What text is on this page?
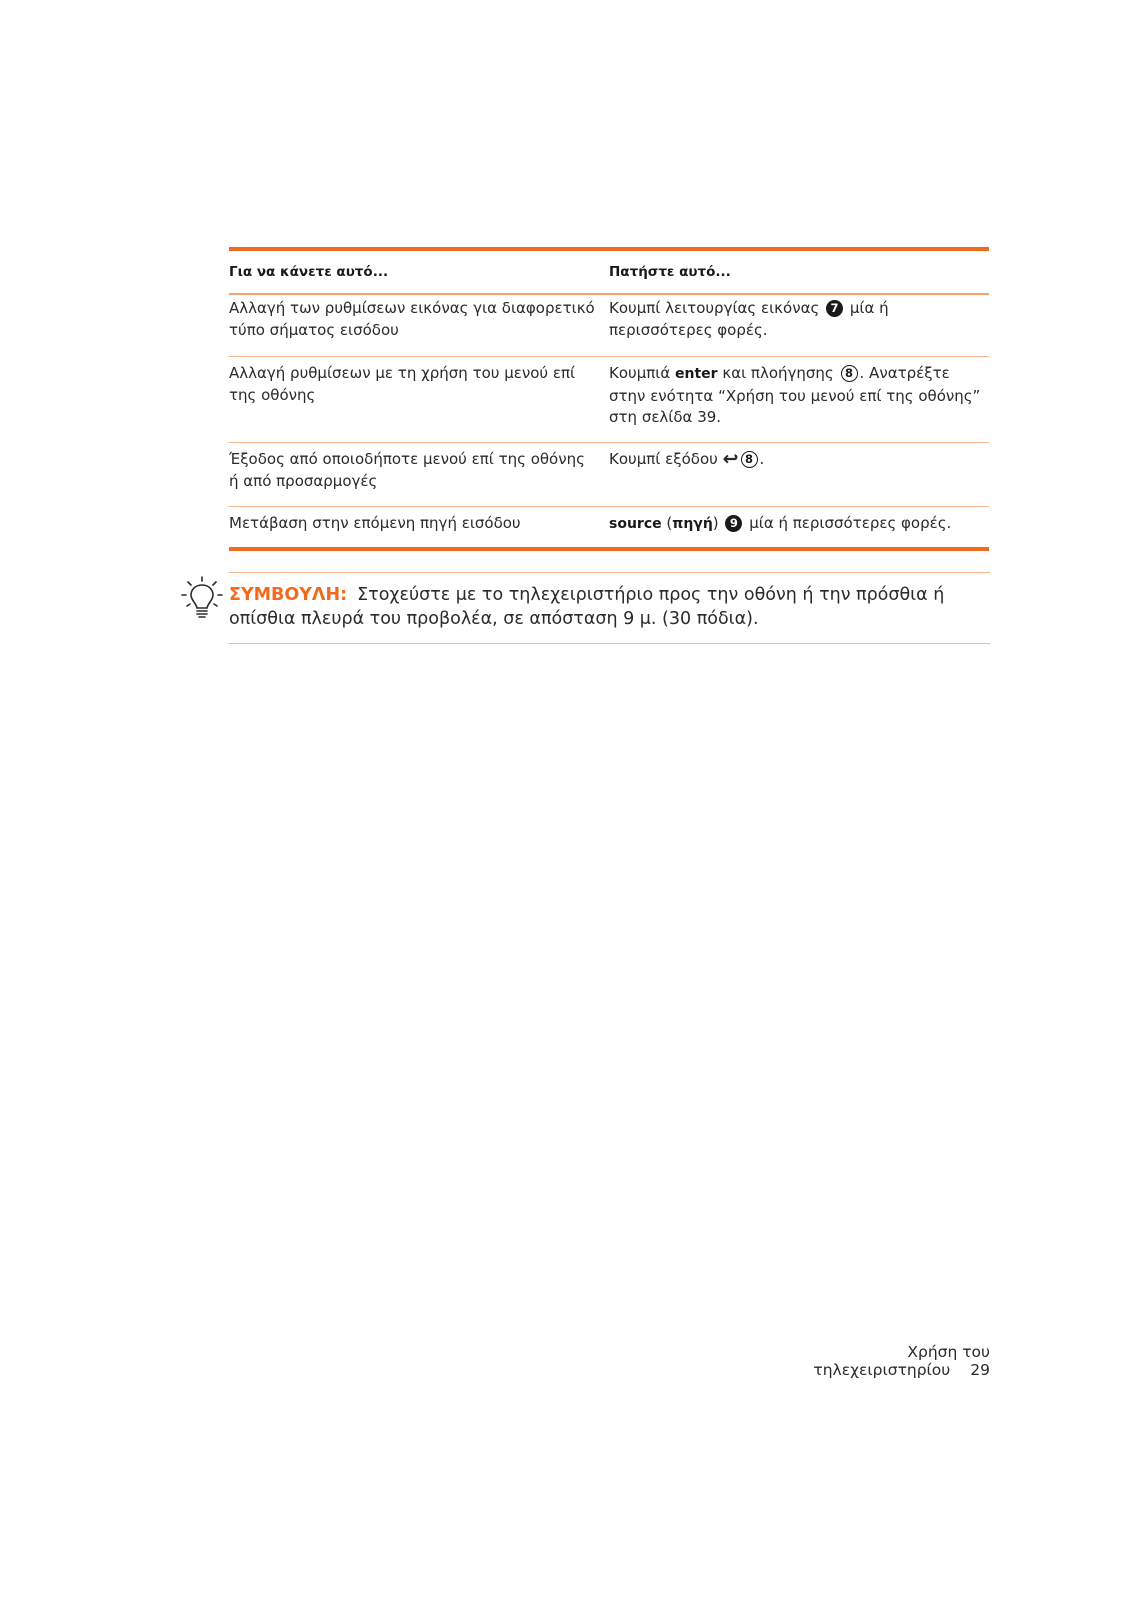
Για να κάνετε αυτό...	Πατήστε αυτό...
Αλλαγή των ρυθμίσεων εικόνας για διαφορετικό τύπο σήματος εισόδου
Κουμπί λειτουργίας εικόνας 7 μία ή περισσότερες φορές.
Αλλαγή ρυθμίσεων με τη χρήση του μενού επί της οθόνης
Κουμπιά enter και πλοήγησης 8 . Ανατρέξτε στην ενότητα “Χρήση του μενού επί της οθόνης” στη σελίδα 39.
Έξοδος από οποιοδήποτε μενού επί της οθόνης ή από προσαρμογές
Κουμπί εξόδου ↩ 8 .
Μετάβαση στην επόμενη πηγή εισόδου	source (πηγή) 9 μία ή περισσότερες φορές.
ΣΥΜΒΟΥΛΗ: Στοχεύστε με το τηλεχειριστήριο προς την οθόνη ή την πρόσθια ή οπίσθια πλευρά του προβολέα, σε απόσταση 9 μ. (30 πόδια).
Χρήση του τηλεχειριστηρίου 29
